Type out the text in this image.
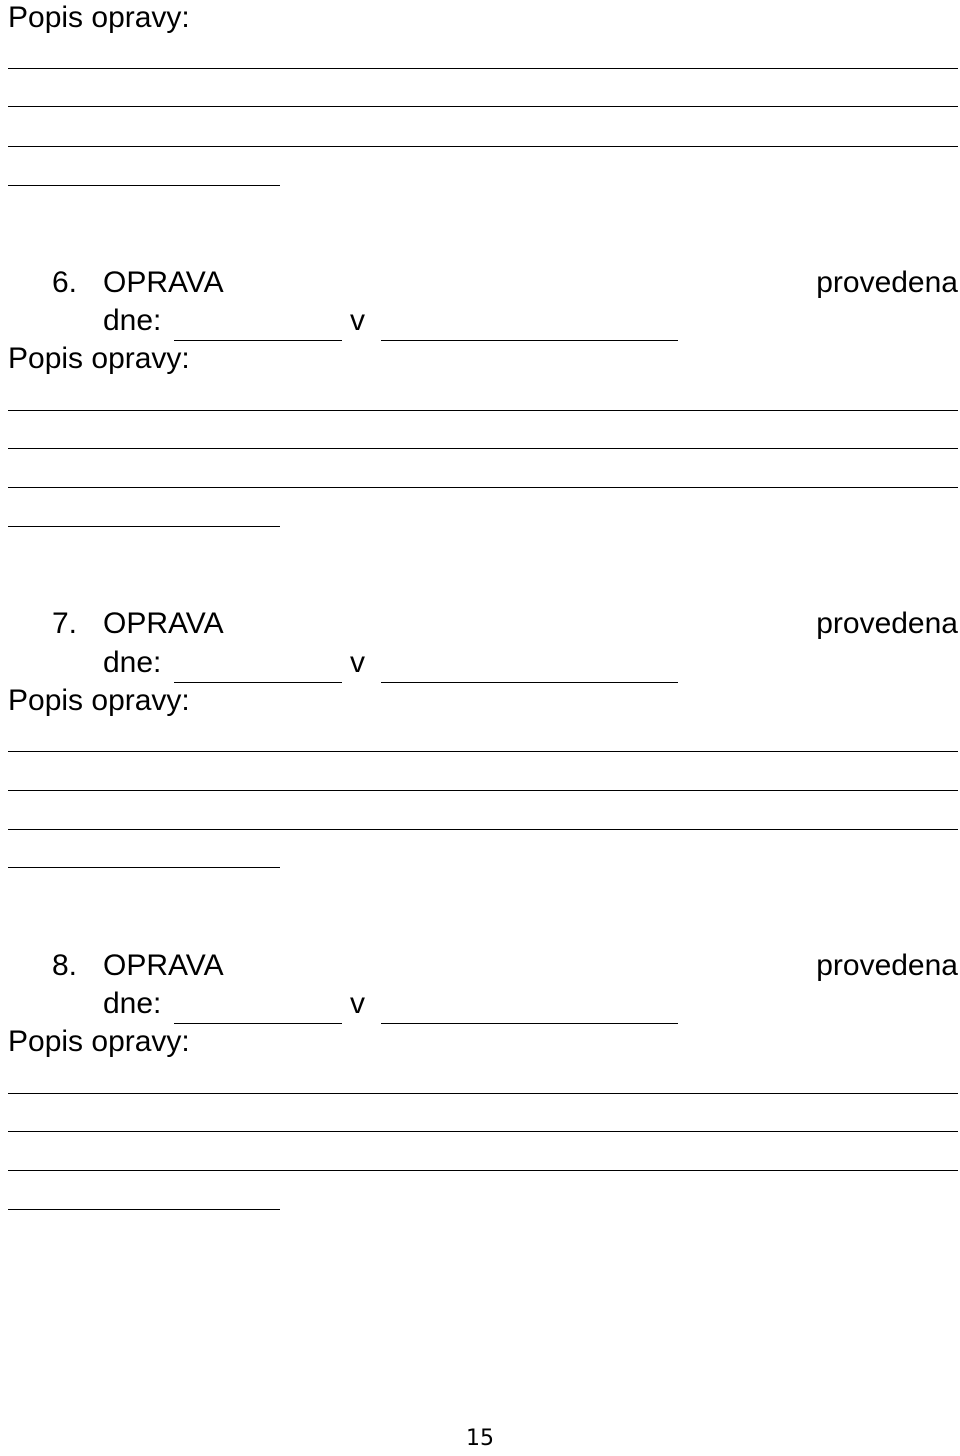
Popis opravy:
6. OPRAVA	provedena
dne:	v
Popis opravy:
7. OPRAVA	provedena
dne:	v
Popis opravy:
8. OPRAVA	provedena
dne:	v
Popis opravy:
15
